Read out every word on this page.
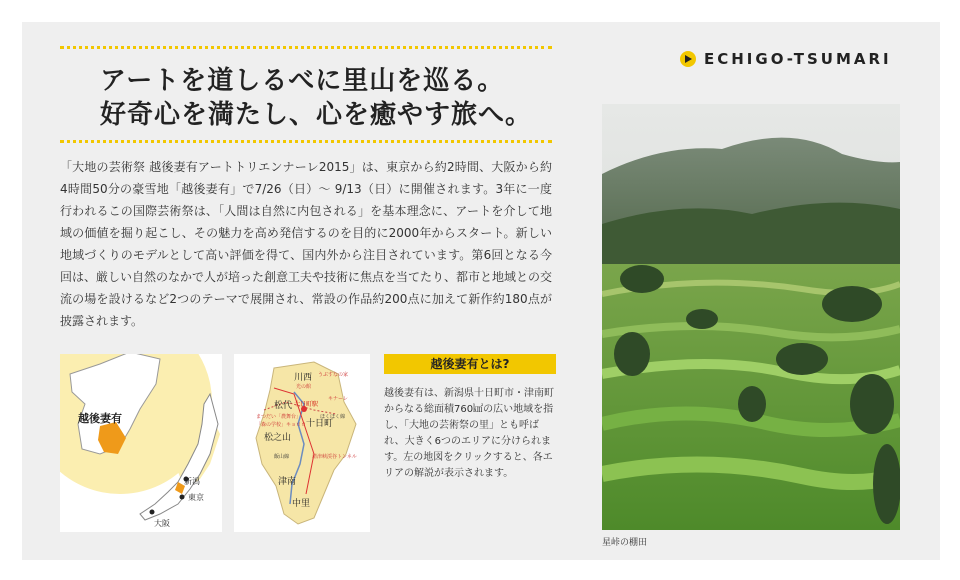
アートを道しるべに里山を巡る。
好奇心を満たし、心を癒やす旅へ。

「大地の芸術祭 越後妻有アートトリエンナーレ2015」は、東京から約2時間、大阪から約4時間50分の豪雪地「越後妻有」で7/26（日）～ 9/13（日）に開催されます。3年に一度行われるこの国際芸術祭は、「人間は自然に内包される」を基本理念に、アートを介して地域の価値を掘り起こし、その魅力を高め発信するのを目的に2000年からスタート。新しい地域づくりのモデルとして高い評価を得て、国内外から注目されています。第6回となる今回は、厳しい自然のなかで人が培った創意工夫や技術に焦点を当てたり、都市と地域との交流の場を設けるなど2つのテーマで展開され、常設の作品約200点に加えて新作約180点が披露されます。

ECHIGO-TSUMARI
星峠の棚田
越後妻有
新潟
東京
大阪
川西
松代
十日町
松之山
津南
中里
十日町駅
うぶすなの家
キナーレ
ほくほく線
まつだい「農舞台」
「森の学校」キョロロ
清津峡渓谷トンネル
飯山線
光の館
越後妻有とは?

越後妻有は、新潟県十日町市・津南町からなる総面積760㎢の広い地域を指し、「大地の芸術祭の里」とも呼ばれ、大きく6つのエリアに分けられます。左の地図をクリックすると、各エリアの解説が表示されます。
